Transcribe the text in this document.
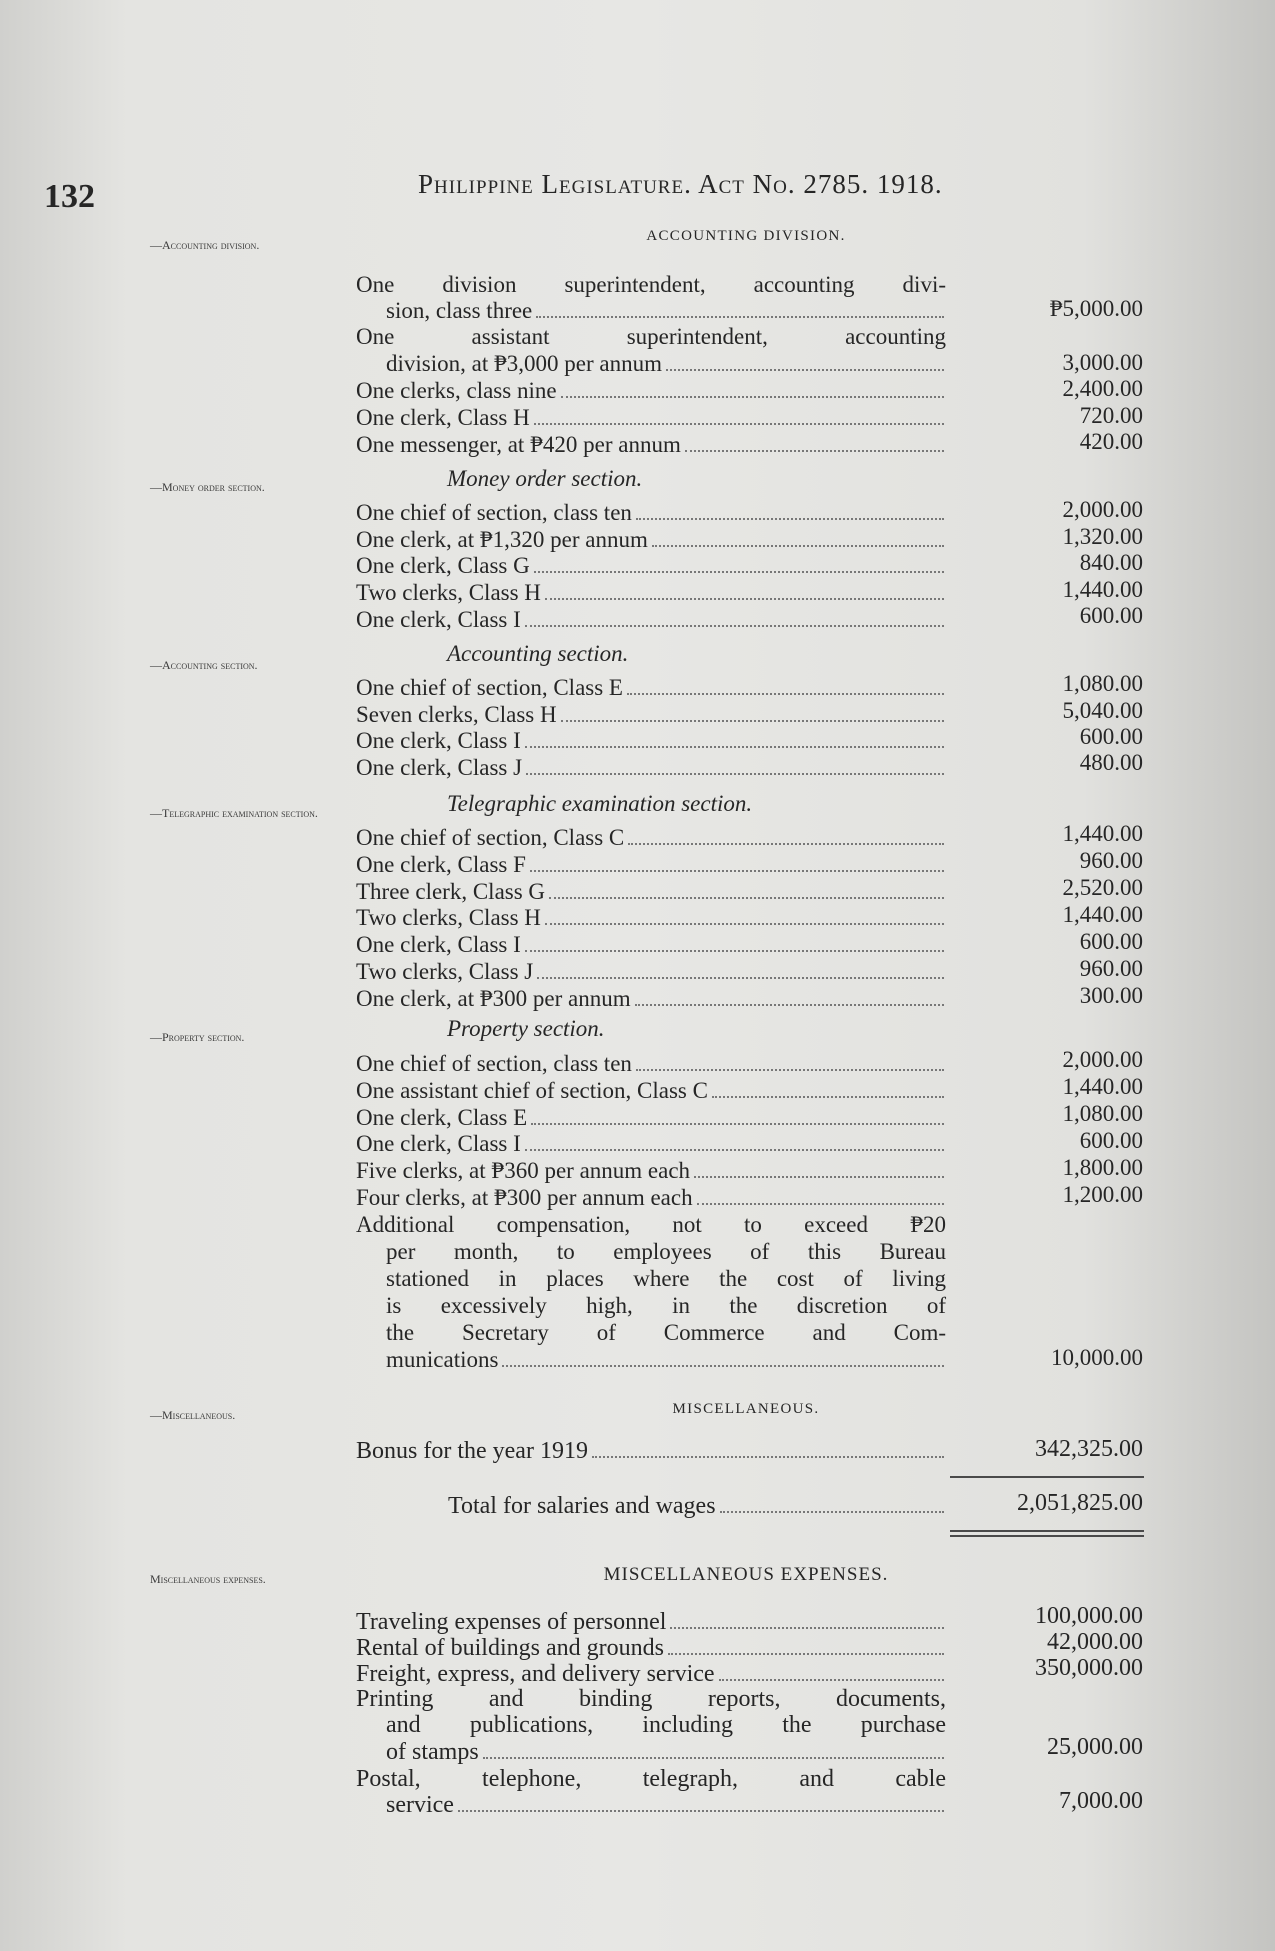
132	Philippine Legislature. Act No. 2785. 1918.
—Accounting division.
ACCOUNTING DIVISION.
One division superintendent, accounting divi-
sion, class three	₱5,000.00
One assistant superintendent, accounting
division, at ₱3,000 per annum	3,000.00
One clerks, class nine	2,400.00
One clerk, Class H	720.00
One messenger, at ₱420 per annum	420.00
—Money order section.	Money order section.
One chief of section, class ten	2,000.00
One clerk, at ₱1,320 per annum	1,320.00
One clerk, Class G	840.00
Two clerks, Class H	1,440.00
One clerk, Class I	600.00
—Accounting section.	Accounting section.
One chief of section, Class E	1,080.00
Seven clerks, Class H	5,040.00
One clerk, Class I	600.00
One clerk, Class J	480.00
—Telegraphic examination section.	Telegraphic examination section.
One chief of section, Class C	1,440.00
One clerk, Class F	960.00
Three clerk, Class G	2,520.00
Two clerks, Class H	1,440.00
One clerk, Class I	600.00
Two clerks, Class J	960.00
One clerk, at ₱300 per annum	300.00
—Property section.	Property section.
One chief of section, class ten	2,000.00
One assistant chief of section, Class C	1,440.00
One clerk, Class E	1,080.00
One clerk, Class I	600.00
Five clerks, at ₱360 per annum each	1,800.00
Four clerks, at ₱300 per annum each	1,200.00
Additional compensation, not to exceed ₱20
per month, to employees of this Bureau
stationed in places where the cost of living
is excessively high, in the discretion of
the Secretary of Commerce and Com-
munications	10,000.00
—Miscellaneous.	MISCELLANEOUS.
Bonus for the year 1919	342,325.00
Total for salaries and wages	2,051,825.00
Miscellaneous expenses.	MISCELLANEOUS EXPENSES.
Traveling expenses of personnel	100,000.00
Rental of buildings and grounds	42,000.00
Freight, express, and delivery service	350,000.00
Printing and binding reports, documents,
and publications, including the purchase
of stamps	25,000.00
Postal, telephone, telegraph, and cable
service	7,000.00
